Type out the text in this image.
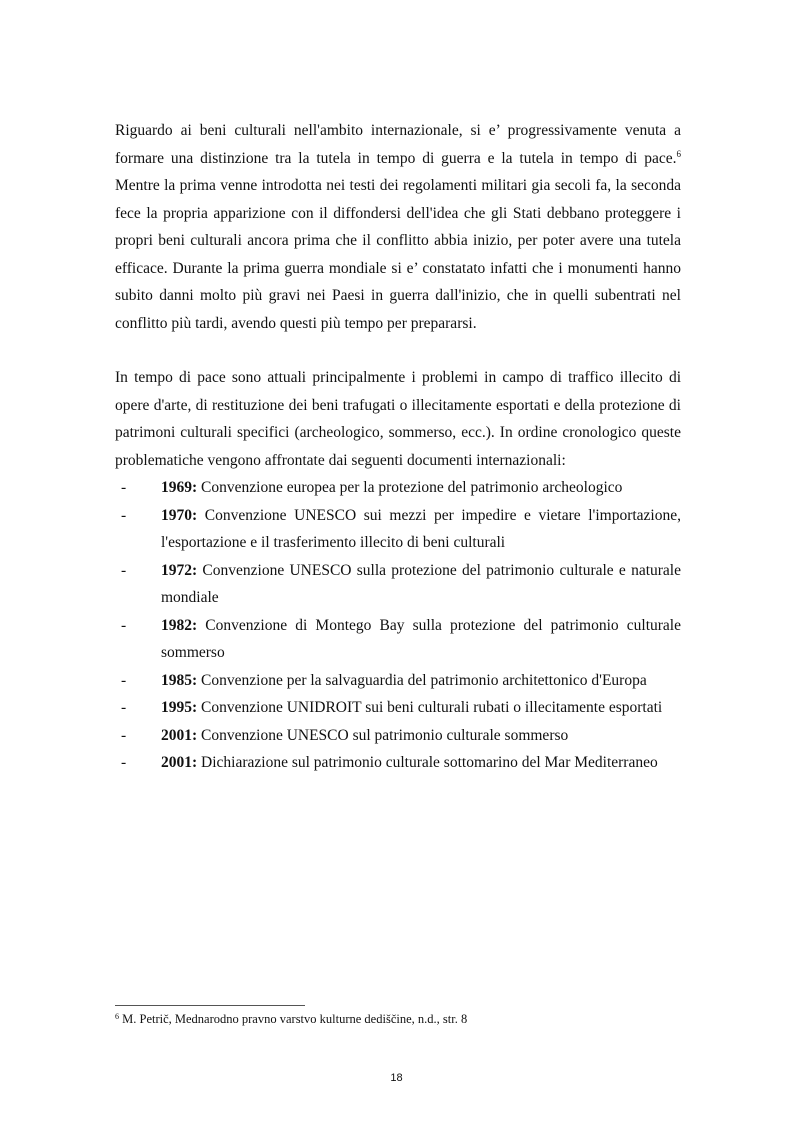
Riguardo ai beni culturali nell'ambito internazionale, si e’ progressivamente venuta a formare una distinzione tra la tutela in tempo di guerra e la tutela in tempo di pace.$^6$ Mentre la prima venne introdotta nei testi dei regolamenti militari gia secoli fa, la seconda fece la propria apparizione con il diffondersi dell'idea che gli Stati debbano proteggere i propri beni culturali ancora prima che il conflitto abbia inizio, per poter avere una tutela efficace. Durante la prima guerra mondiale si e’ constatato infatti che i monumenti hanno subito danni molto più gravi nei Paesi in guerra dall'inizio, che in quelli subentrati nel conflitto più tardi, avendo questi più tempo per prepararsi.

In tempo di pace sono attuali principalmente i problemi in campo di traffico illecito di opere d'arte, di restituzione dei beni trafugati o illecitamente esportati e della protezione di patrimoni culturali specifici (archeologico, sommerso, ecc.). In ordine cronologico queste problematiche vengono affrontate dai seguenti documenti internazionali:

- 1969: Convenzione europea per la protezione del patrimonio archeologico
- 1970: Convenzione UNESCO sui mezzi per impedire e vietare l'importazione, l'esportazione e il trasferimento illecito di beni culturali
- 1972: Convenzione UNESCO sulla protezione del patrimonio culturale e naturale mondiale
- 1982: Convenzione di Montego Bay sulla protezione del patrimonio culturale sommerso
- 1985: Convenzione per la salvaguardia del patrimonio architettonico d'Europa
- 1995: Convenzione UNIDROIT sui beni culturali rubati o illecitamente esportati
- 2001: Convenzione UNESCO sul patrimonio culturale sommerso
- 2001: Dichiarazione sul patrimonio culturale sottomarino del Mar Mediterraneo
$^6$ M. Petrič, Mednarodno pravno varstvo kulturne dediščine, n.d., str. 8
18
